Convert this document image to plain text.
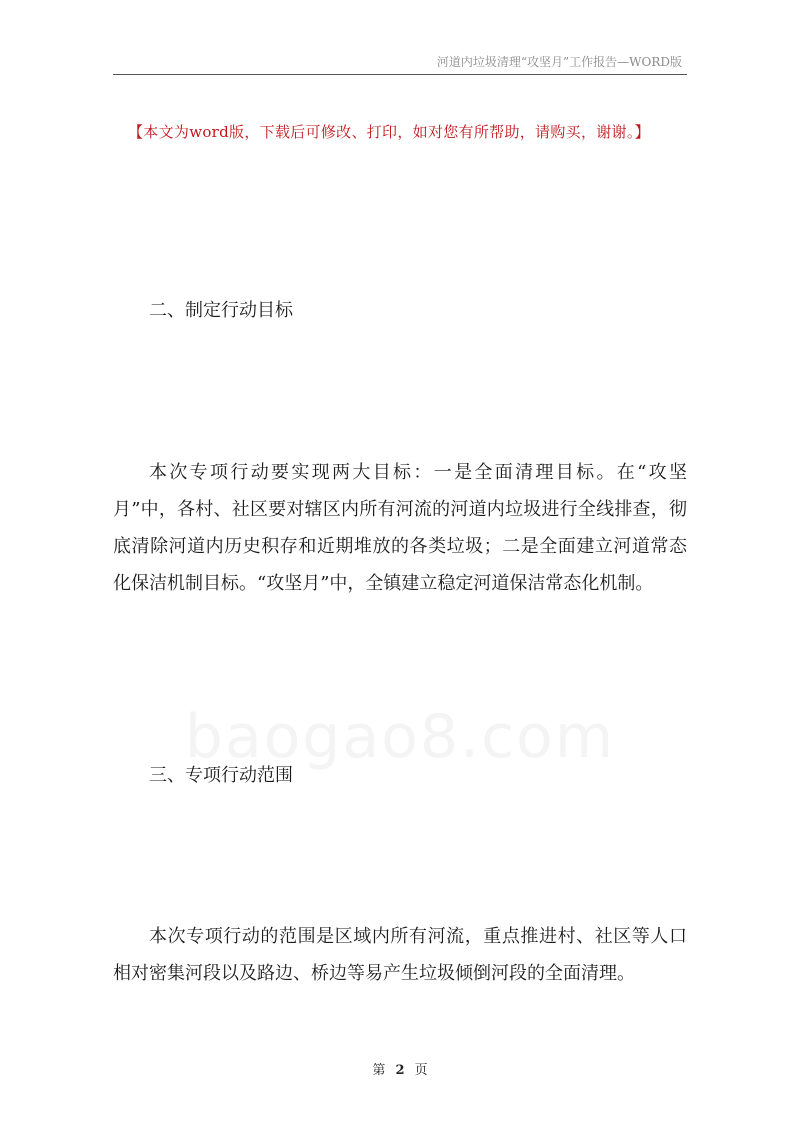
河道内垃圾清理“攻坚月”工作报告—WORD版
【本文为word版，下载后可修改、打印，如对您有所帮助，请购买，谢谢。】
二、制定行动目标

本次专项行动要实现两大目标：一是全面清理目标。在“攻坚月”中，各村、社区要对辖区内所有河流的河道内垃圾进行全线排查，彻底清除河道内历史积存和近期堆放的各类垃圾；二是全面建立河道常态化保洁机制目标。“攻坚月”中，全镇建立稳定河道保洁常态化机制。

baogao8.com
三、专项行动范围

本次专项行动的范围是区域内所有河流，重点推进村、社区等人口相对密集河段以及路边、桥边等易产生垃圾倾倒河段的全面清理。

第 2 页
